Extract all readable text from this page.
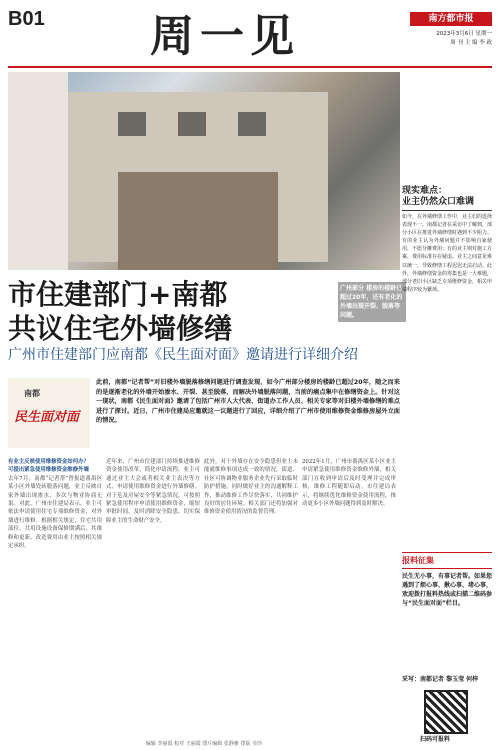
B01 周一见	南方都市报
2023年3月6日 星期一
周 刊 主 编 李 政
广州部分 楼房的楼龄已超过20年，还有老化的外墙出现开裂、脱落等问题。
现实难点：
业主仍然众口难调
如今，在外墙修缮工作中，业主们的选择表现不一。南都记者在采访中了解到，部分小区在推进外墙修缮时遇到不少阻力。有的业主认为外墙问题并不影响自家使用，不愿分摊费用；有的业主则对施工方案、费用标准存在疑虑。业主之间意见难以统一，导致修缮工程迟迟无法启动。此外，外墙修缮资金的筹集也是一大难题，部分老旧小区缺乏专项维修资金，相关申请程序较为繁琐。
市住建部门+南都
共议住宅外墙修缮
广州市住建部门应南都《民生面对面》邀请进行详细介绍
南都
民生面对面
此前，南都“记者帮”对旧楼外墙脱落修缮问题进行调查发现，如今广州部分楼房的楼龄已超过20年，随之而来的是逐渐老化的外墙开始渗水、开裂、甚至脱落，而解决外墙脱落问题，当前的痛点集中在修缮资金上。针对这一现状，南都《民生面对面》邀请了包括广州市人大代表、街道办工作人员、相关专家等对旧楼外墙修缮的难点进行了探讨。近日，广州市住建局应邀就这一议题进行了回应，详细介绍了广州市使用维修资金维修房屋外立面的情况。
有业主反映使用维修资金如何办？
可提出紧急使用维修资金维修外墙
去年7月，南都“记者帮”曾报道番禺区某小区外墙瓷砖脱落问题，业主反映自家外墙出现渗水，多次与物业协商无果。对此，广州市住建局表示，业主可依法申请使用住宅专项维修资金，对外墙进行维修。根据相关规定，住宅共用部位、共用设施设备保修期满后，其维修和更新、改造费用由业主按照相关规定承担。
近年来，广州市住建部门持续推进维修资金使用改革，简化申请流程。业主可通过业主大会或者相关业主表决等方式，申请使用维修资金进行外墙修缮。对于危及房屋安全等紧急情况，可按照紧急使用程序申请使用维修资金，缩短审批时间，及时消除安全隐患，切实保障业主的生命财产安全。
此外，对于外墙存在安全隐患但业主未能就维修事项达成一致的情况，街道、社区可协调物业服务企业先行采取临时防护措施，同时做好业主的沟通解释工作，推动维修工作尽快落实，共同维护良好的居住环境。相关部门还将加强对维修资金使用情况的监督管理。
2022年1月，广州市番禺区某小区业主申请紧急使用维修资金维修外墙，相关部门在收到申请后及时受理并完成审核，维修工程随即启动。市住建局表示，将继续优化维修资金使用流程，推动更多小区外墙问题得到及时解决。
报料征集
民生无小事，有事记者帮。如果您遇到了烦心事、揪心事、堵心事，欢迎拨打报料热线或扫描二维码参与“民生面对面”栏目。
采写：南都记者 黎玉莹 何梓
扫码可报料
编辑 李丽霞 校对 王丽霞 图片编辑 张静雅 排版 吴玲
